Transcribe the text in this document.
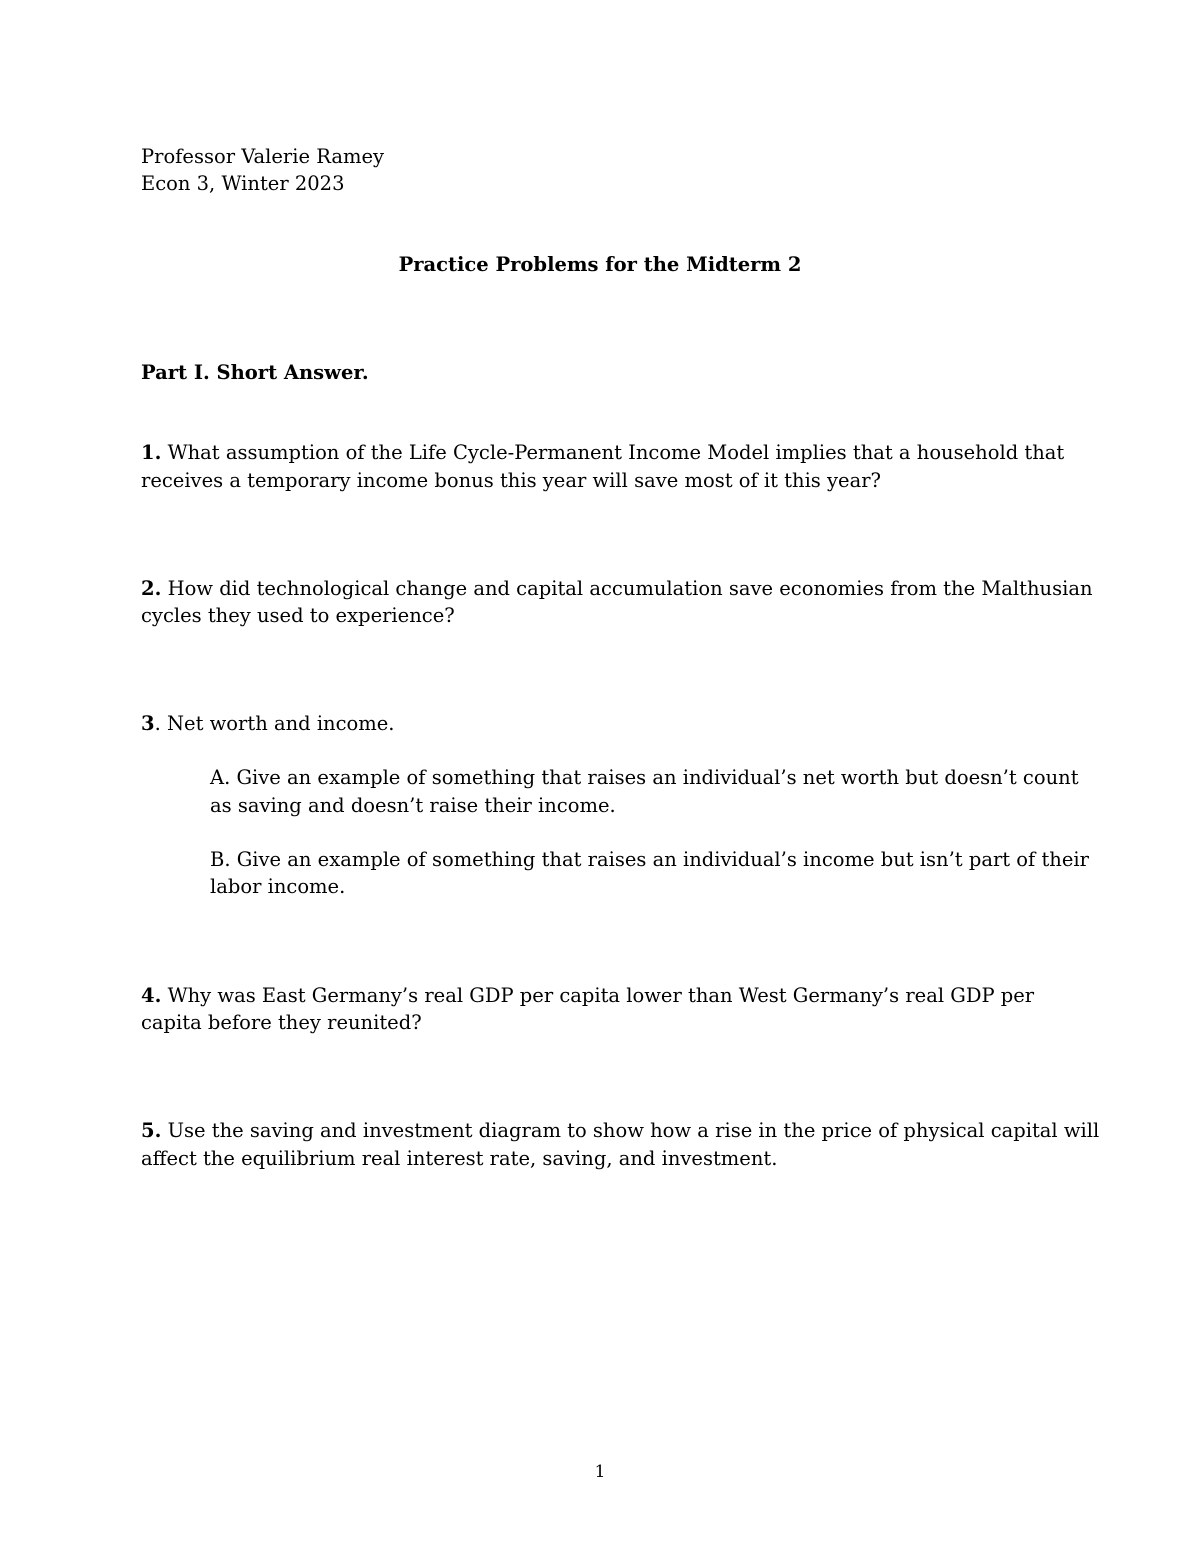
Professor Valerie Ramey

Econ 3, Winter 2023

Practice Problems for the Midterm 2

Part I. Short Answer.

1. What assumption of the Life Cycle-Permanent Income Model implies that a household that

receives a temporary income bonus this year will save most of it this year?

2. How did technological change and capital accumulation save economies from the Malthusian

cycles they used to experience?

3. Net worth and income.

A. Give an example of something that raises an individual’s net worth but doesn’t count

as saving and doesn’t raise their income.

B. Give an example of something that raises an individual’s income but isn’t part of their

labor income.

4. Why was East Germany’s real GDP per capita lower than West Germany’s real GDP per

capita before they reunited?

5. Use the saving and investment diagram to show how a rise in the price of physical capital will

affect the equilibrium real interest rate, saving, and investment.

1
